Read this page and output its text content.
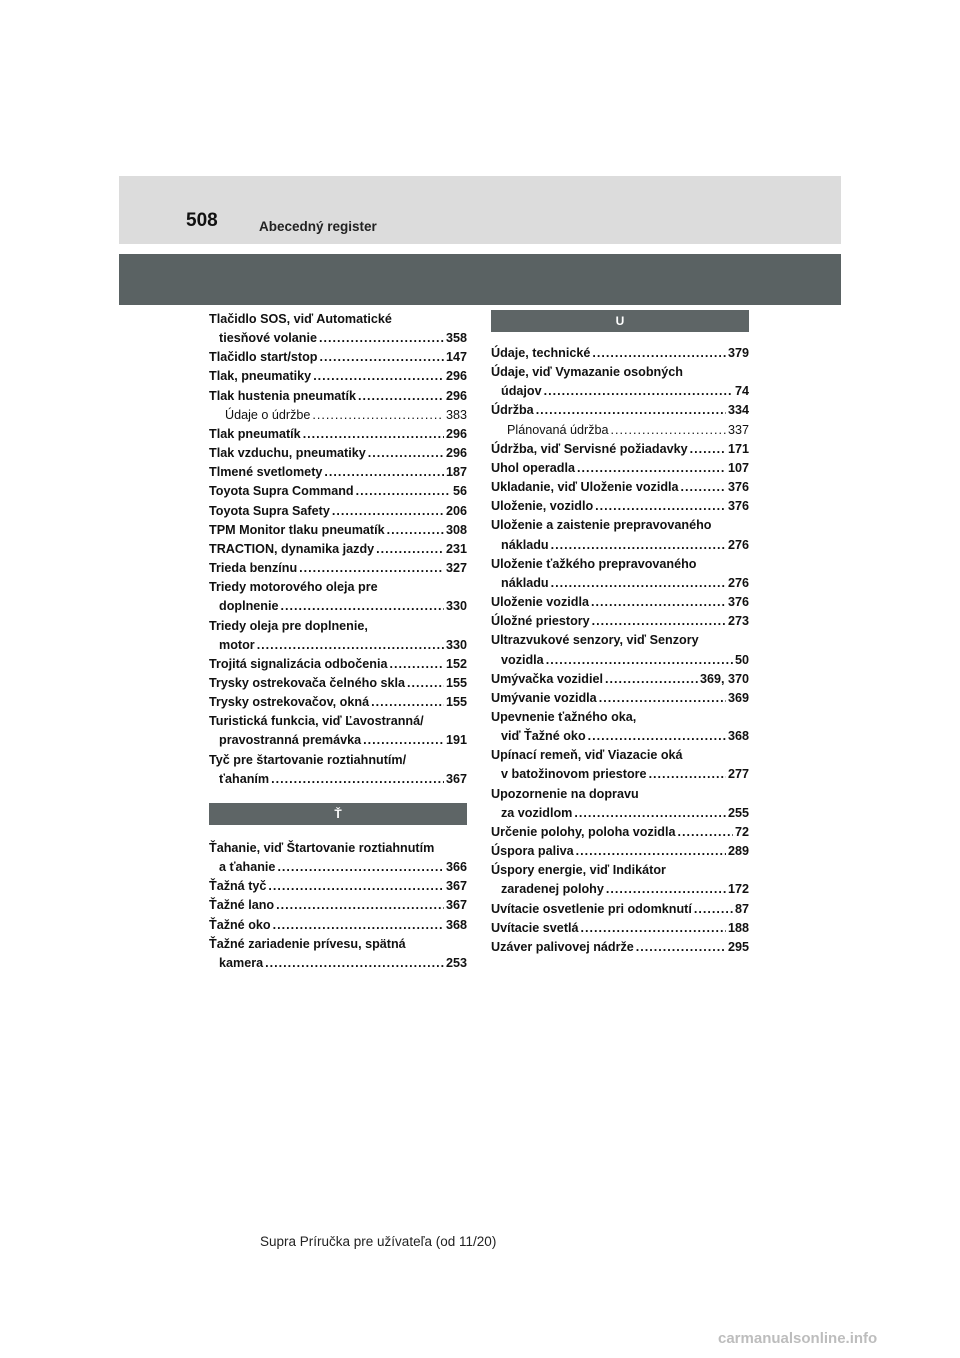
508	Abecedný register
Tlačidlo SOS, viď Automatické
tiesňové volanie .....	358
Tlačidlo start/stop .....	147
Tlak, pneumatiky .....	296
Tlak hustenia pneumatík .....	296
Údaje o údržbe .....	383
Tlak pneumatík .....	296
Tlak vzduchu, pneumatiky .....	296
Tlmené svetlomety .....	187
Toyota Supra Command .....	56
Toyota Supra Safety .....	206
TPM Monitor tlaku pneumatík .....	308
TRACTION, dynamika jazdy .....	231
Trieda benzínu .....	327
Triedy motorového oleja pre
doplnenie .....	330
Triedy oleja pre doplnenie,
motor .....	330
Trojitá signalizácia odbočenia .....	152
Trysky ostrekovača čelného skla .....	155
Trysky ostrekovačov, okná .....	155
Turistická funkcia, viď Ľavostranná/
pravostranná premávka .....	191
Tyč pre štartovanie roztiahnutím/
ťahaním .....	367
Ť
Ťahanie, viď Štartovanie roztiahnutím
a ťahanie .....	366
Ťažná tyč .....	367
Ťažné lano .....	367
Ťažné oko .....	368
Ťažné zariadenie prívesu, spätná
kamera .....	253
U
Údaje, technické .....	379
Údaje, viď Vymazanie osobných
údajov .....	74
Údržba .....	334
Plánovaná údržba .....	337
Údržba, viď Servisné požiadavky .....	171
Uhol operadla .....	107
Ukladanie, viď Uloženie vozidla .....	376
Uloženie, vozidlo .....	376
Uloženie a zaistenie prepravovaného
nákladu .....	276
Uloženie ťažkého prepravovaného
nákladu .....	276
Uloženie vozidla .....	376
Úložné priestory .....	273
Ultrazvukové senzory, viď Senzory
vozidla .....	50
Umývačka vozidiel .....	369, 370
Umývanie vozidla .....	369
Upevnenie ťažného oka,
viď Ťažné oko .....	368
Upínací remeň, viď Viazacie oká
v batožinovom priestore .....	277
Upozornenie na dopravu
za vozidlom .....	255
Určenie polohy, poloha vozidla .....	72
Úspora paliva .....	289
Úspory energie, viď Indikátor
zaradenej polohy .....	172
Uvítacie osvetlenie pri odomknutí .....	87
Uvítacie svetlá .....	188
Uzáver palivovej nádrže .....	295
Supra Príručka pre užívateľa (od 11/20)
carmanualsonline.info
